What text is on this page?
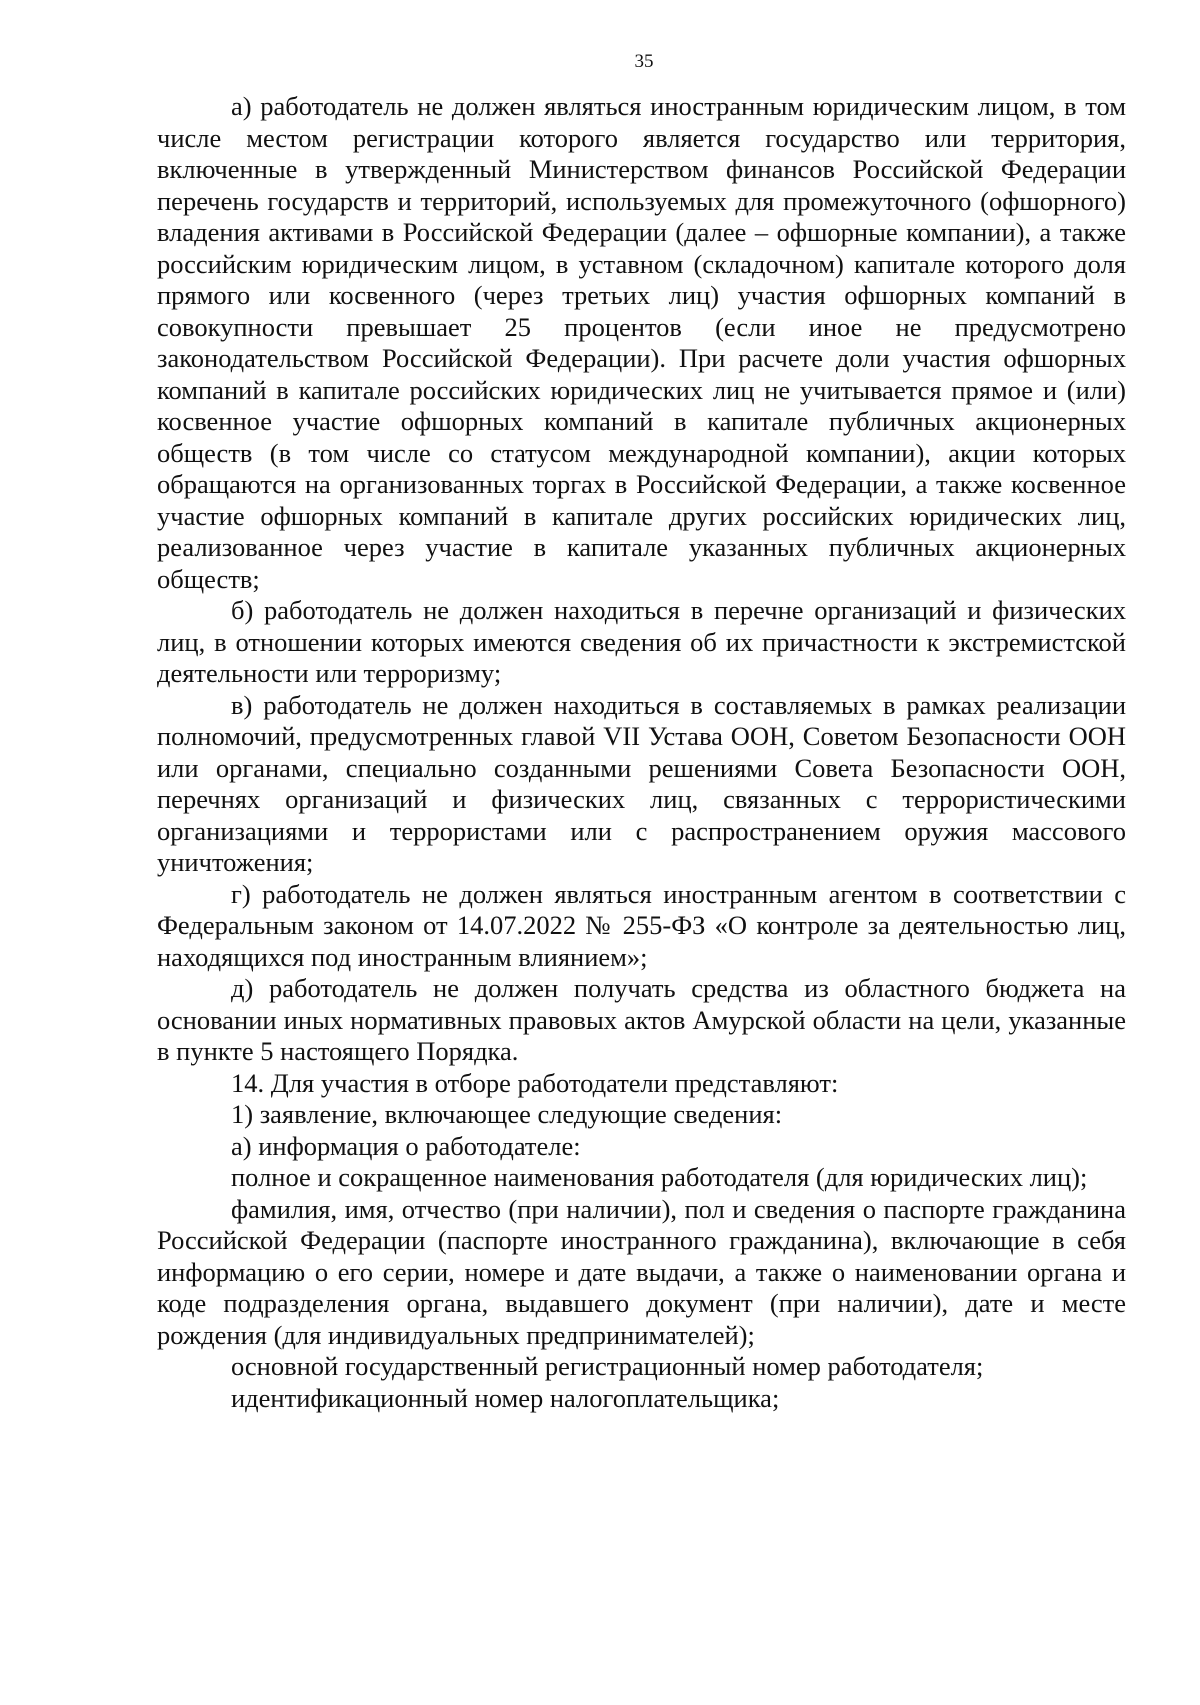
35

а) работодатель не должен являться иностранным юридическим лицом, в том числе местом регистрации которого является государство или территория, включенные в утвержденный Министерством финансов Российской Федерации перечень государств и территорий, используемых для промежуточного (офшорного) владения активами в Российской Федерации (далее – офшорные компании), а также российским юридическим лицом, в уставном (складочном) капитале которого доля прямого или косвенного (через третьих лиц) участия офшорных компаний в совокупности превышает 25 процентов (если иное не предусмотрено законодательством Российской Федерации). При расчете доли участия офшорных компаний в капитале российских юридических лиц не учитывается прямое и (или) косвенное участие офшорных компаний в капитале публичных акционерных обществ (в том числе со статусом международной компании), акции которых обращаются на организованных торгах в Российской Федерации, а также косвенное участие офшорных компаний в капитале других российских юридических лиц, реализованное через участие в капитале указанных публичных акционерных обществ;

б) работодатель не должен находиться в перечне организаций и физических лиц, в отношении которых имеются сведения об их причастности к экстремистской деятельности или терроризму;

в) работодатель не должен находиться в составляемых в рамках реализации полномочий, предусмотренных главой VII Устава ООН, Советом Безопасности ООН или органами, специально созданными решениями Совета Безопасности ООН, перечнях организаций и физических лиц, связанных с террористическими организациями и террористами или с распространением оружия массового уничтожения;

г) работодатель не должен являться иностранным агентом в соответствии с Федеральным законом от 14.07.2022 № 255-ФЗ «О контроле за деятельностью лиц, находящихся под иностранным влиянием»;

д) работодатель не должен получать средства из областного бюджета на основании иных нормативных правовых актов Амурской области на цели, указанные в пункте 5 настоящего Порядка.

14. Для участия в отборе работодатели представляют:

1) заявление, включающее следующие сведения:

а) информация о работодателе:

полное и сокращенное наименования работодателя (для юридических лиц);

фамилия, имя, отчество (при наличии), пол и сведения о паспорте гражданина Российской Федерации (паспорте иностранного гражданина), включающие в себя информацию о его серии, номере и дате выдачи, а также о наименовании органа и коде подразделения органа, выдавшего документ (при наличии), дате и месте рождения (для индивидуальных предпринимателей);

основной государственный регистрационный номер работодателя;

идентификационный номер налогоплательщика;
